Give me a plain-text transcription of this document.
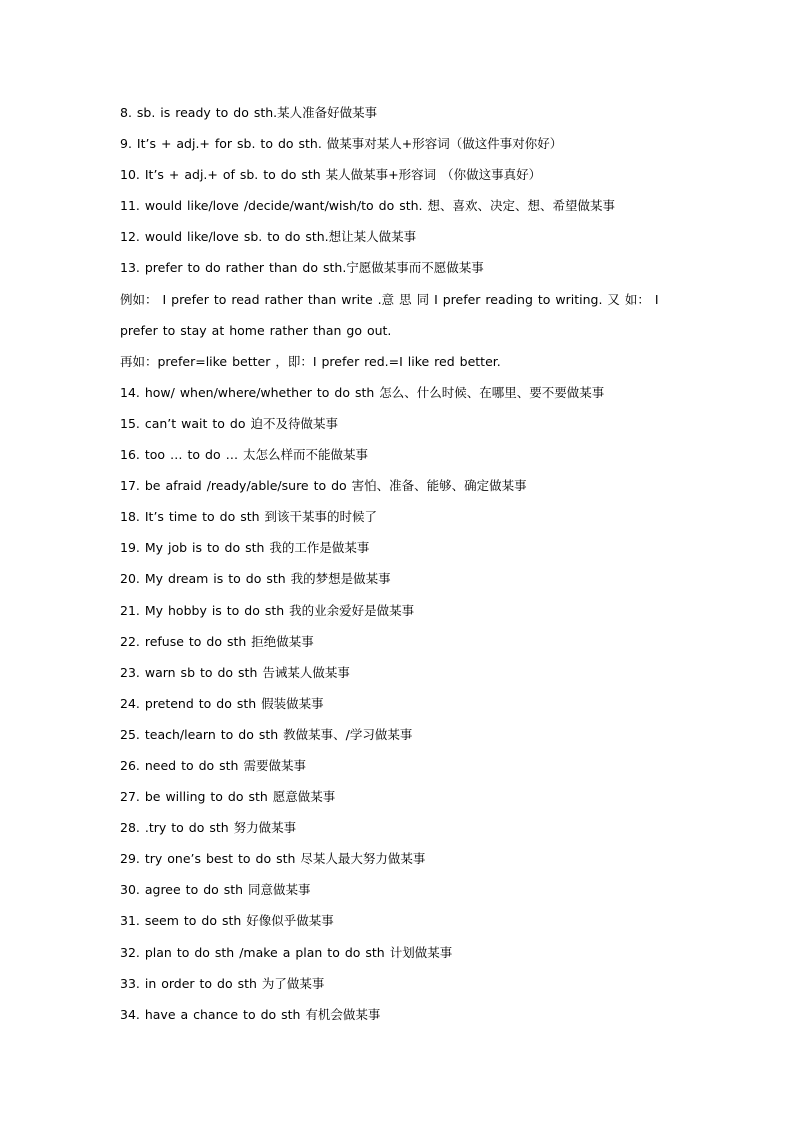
8. sb. is ready to do sth.某人准备好做某事
9. It’s + adj.+ for sb. to do sth. 做某事对某人+形容词（做这件事对你好）
10. It’s + adj.+ of sb. to do sth 某人做某事+形容词 （你做这事真好）
11. would like/love /decide/want/wish/to do sth. 想、喜欢、决定、想、希望做某事
12. would like/love sb. to do sth.想让某人做某事
13. prefer to do rather than do sth.宁愿做某事而不愿做某事
例如： I prefer to read rather than write .意 思 同 I prefer reading to writing. 又 如： I
prefer to stay at home rather than go out.
再如：prefer=like better ，即：I prefer red.=I like red better.
14. how/ when/where/whether to do sth 怎么、什么时候、在哪里、要不要做某事
15. can’t wait to do 迫不及待做某事
16. too … to do … 太怎么样而不能做某事
17. be afraid /ready/able/sure to do 害怕、准备、能够、确定做某事
18. It’s time to do sth 到该干某事的时候了
19. My job is to do sth 我的工作是做某事
20. My dream is to do sth 我的梦想是做某事
21. My hobby is to do sth 我的业余爱好是做某事
22. refuse to do sth 拒绝做某事
23. warn sb to do sth 告诫某人做某事
24. pretend to do sth 假装做某事
25. teach/learn to do sth 教做某事、/学习做某事
26. need to do sth 需要做某事
27. be willing to do sth 愿意做某事
28. .try to do sth 努力做某事
29. try one’s best to do sth 尽某人最大努力做某事
30. agree to do sth 同意做某事
31. seem to do sth 好像似乎做某事
32. plan to do sth /make a plan to do sth 计划做某事
33. in order to do sth 为了做某事
34. have a chance to do sth 有机会做某事
